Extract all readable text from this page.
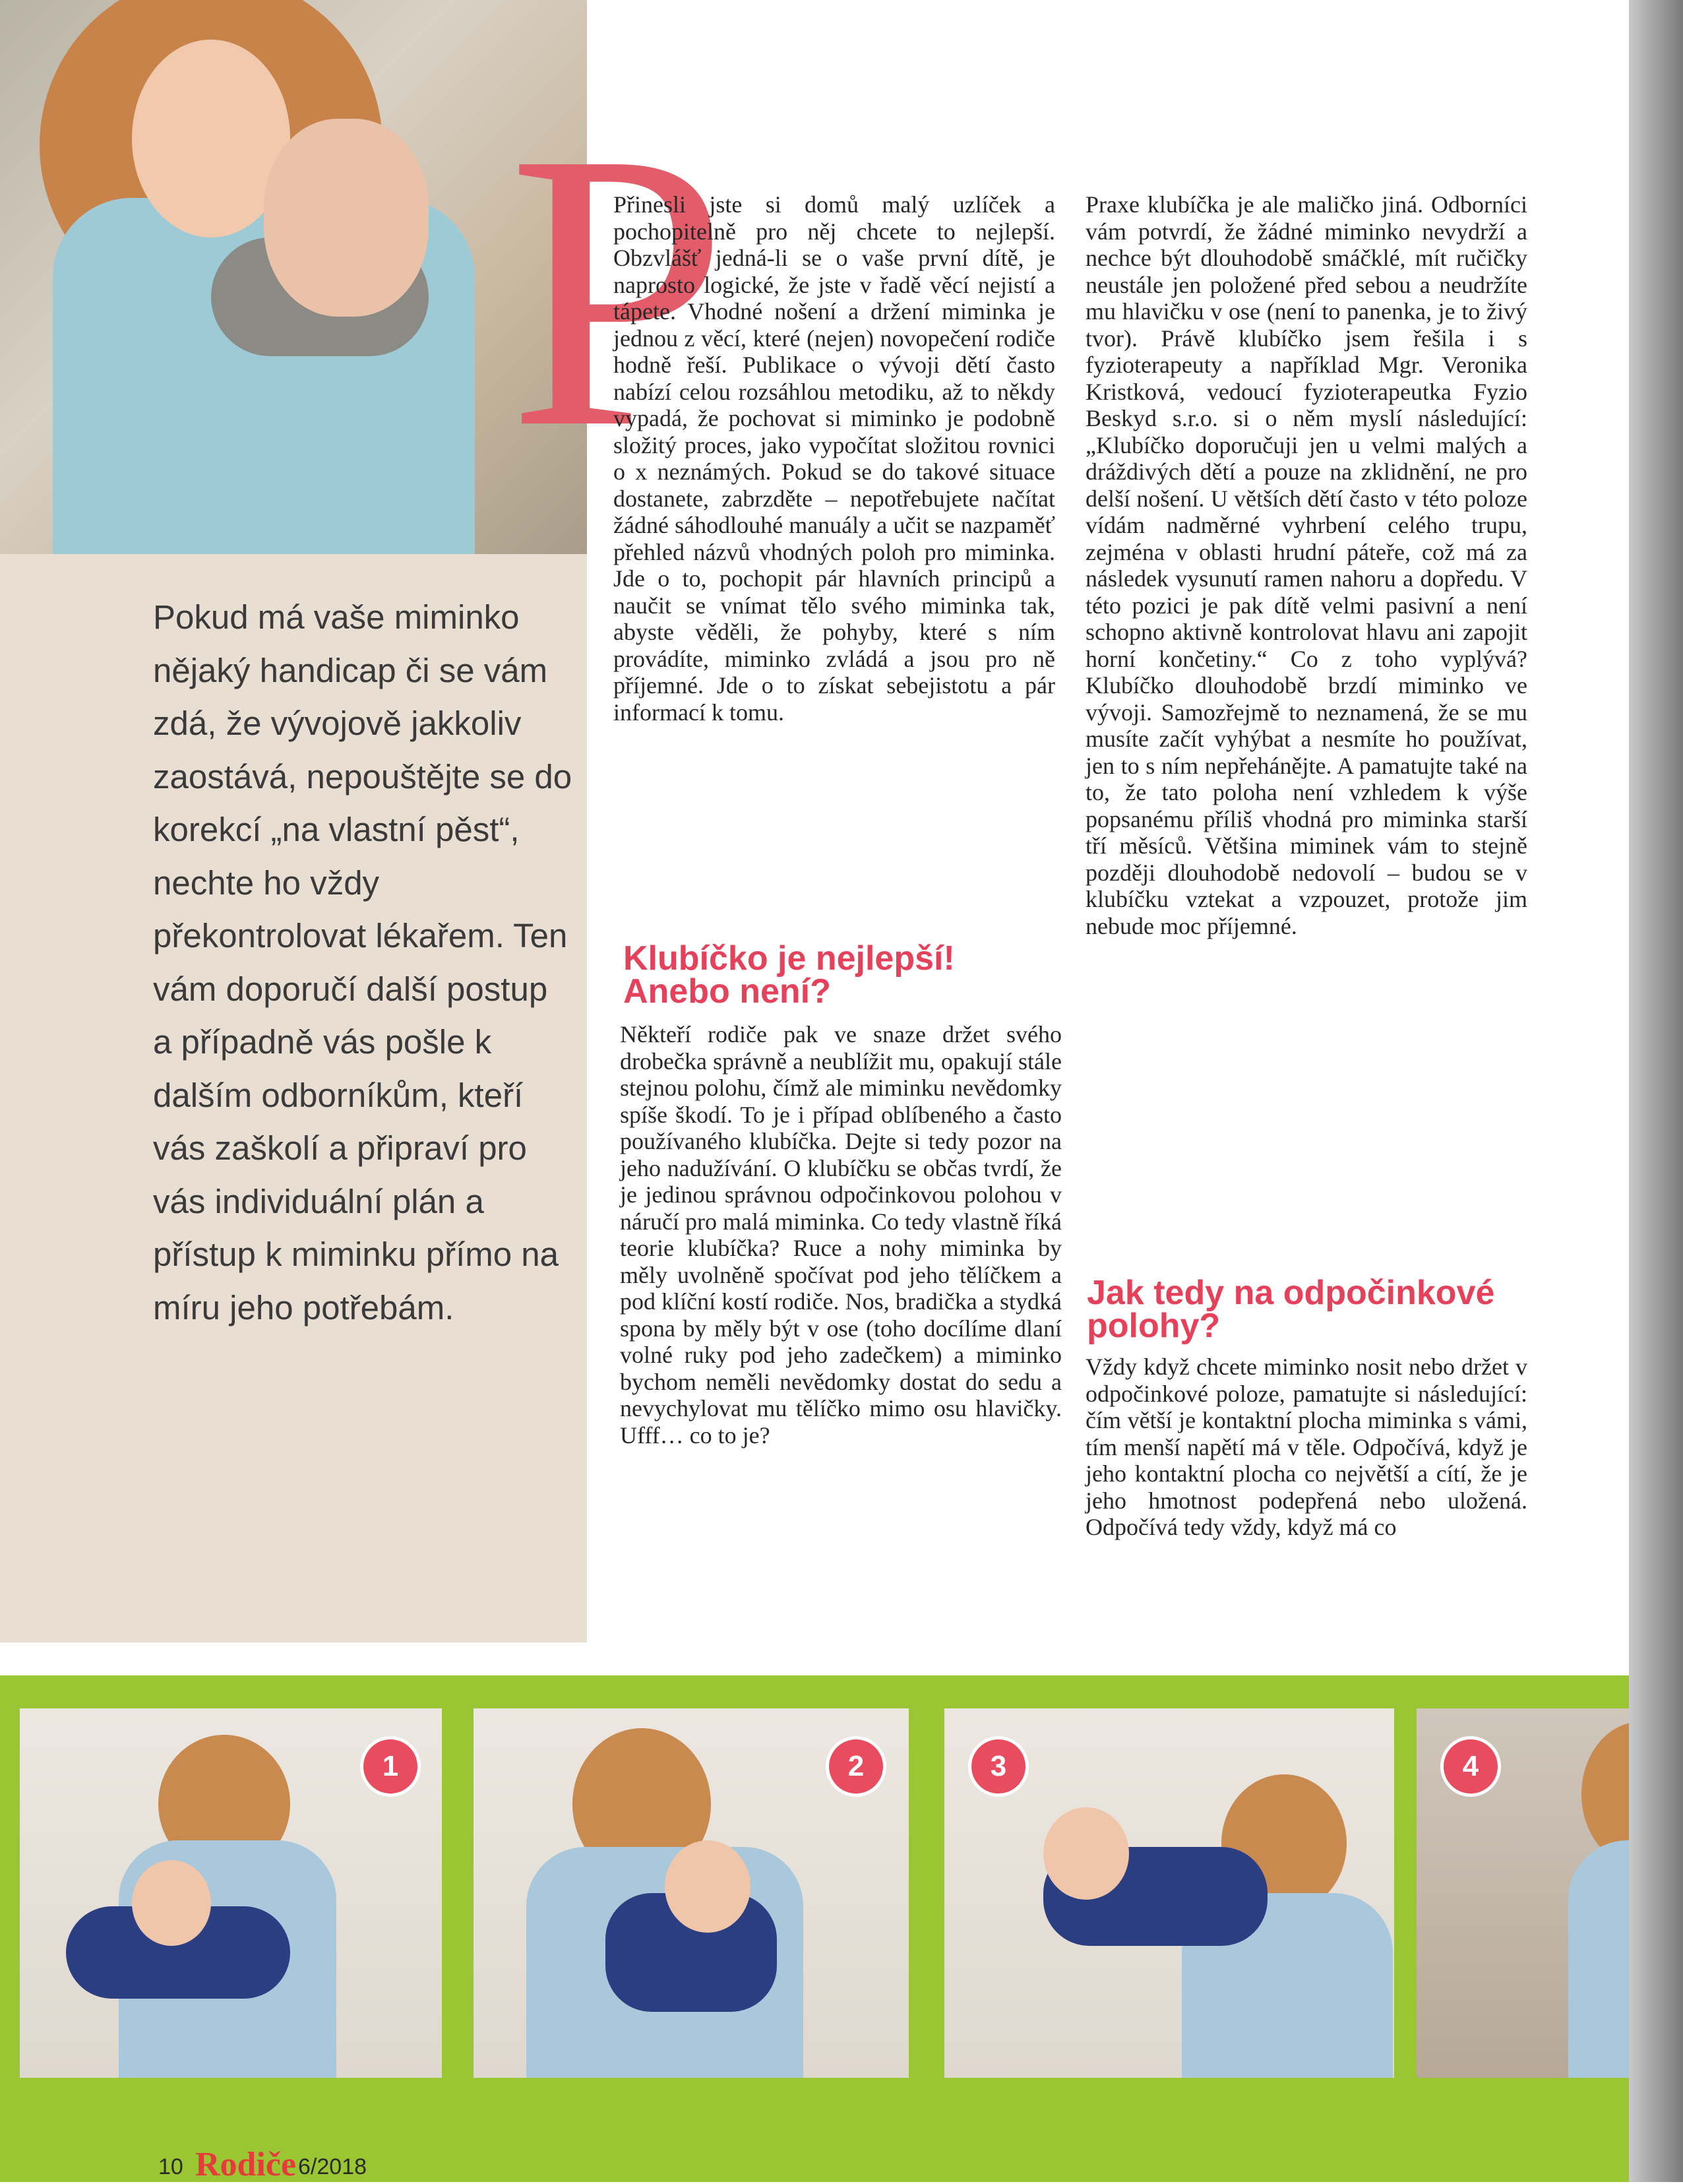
Pokud má vaše miminko nějaký handicap či se vám zdá, že vývojově jakkoliv zaostává, nepouštějte se do korekcí „na vlastní pěst“, nechte ho vždy překontrolovat lékařem. Ten vám doporučí další postup a případně vás pošle k dalším odborníkům, kteří vás zaškolí a připraví pro vás individuální plán a přístup k miminku přímo na míru jeho potřebám.

P

Přinesli jste si domů malý uzlíček a pochopitelně pro něj chcete to nejlepší. Obzvlášť jedná-li se o vaše první dítě, je naprosto logické, že jste v řadě věcí nejistí a tápete. Vhodné nošení a držení miminka je jednou z věcí, které (nejen) novopečení rodiče hodně řeší. Publikace o vývoji dětí často nabízí celou rozsáhlou metodiku, až to někdy vypadá, že pochovat si miminko je podobně složitý proces, jako vypočítat složitou rovnici o x neznámých. Pokud se do takové situace dostanete, zabrzděte – nepotřebujete načítat žádné sáhodlouhé manuály a učit se nazpaměť přehled názvů vhodných poloh pro miminka. Jde o to, pochopit pár hlavních principů a naučit se vnímat tělo svého miminka tak, abyste věděli, že pohyby, které s ním provádíte, miminko zvládá a jsou pro ně příjemné. Jde o to získat sebejistotu a pár informací k tomu.

Klubíčko je nejlepší! Anebo není?

Někteří rodiče pak ve snaze držet svého drobečka správně a neublížit mu, opakují stále stejnou polohu, čímž ale miminku nevědomky spíše škodí. To je i případ oblíbeného a často používaného klubíčka. Dejte si tedy pozor na jeho nadužívání. O klubíčku se občas tvrdí, že je jedinou správnou odpočinkovou polohou v náručí pro malá miminka. Co tedy vlastně říká teorie klubíčka? Ruce a nohy miminka by měly uvolněně spočívat pod jeho tělíčkem a pod klíční kostí rodiče. Nos, bradička a stydká spona by měly být v ose (toho docílíme dlaní volné ruky pod jeho zadečkem) a miminko bychom neměli nevědomky dostat do sedu a nevychylovat mu tělíčko mimo osu hlavičky. Ufff… co to je?

Praxe klubíčka je ale maličko jiná. Odborníci vám potvrdí, že žádné miminko nevydrží a nechce být dlouhodobě smáčklé, mít ručičky neustále jen položené před sebou a neudržíte mu hlavičku v ose (není to panenka, je to živý tvor). Právě klubíčko jsem řešila i s fyzioterapeuty a například Mgr. Veronika Kristková, vedoucí fyzioterapeutka Fyzio Beskyd s.r.o. si o něm myslí následující: „Klubíčko doporučuji jen u velmi malých a dráždivých dětí a pouze na zklidnění, ne pro delší nošení. U větších dětí často v této poloze vídám nadměrné vyhrbení celého trupu, zejména v oblasti hrudní páteře, což má za následek vysunutí ramen nahoru a dopředu. V této pozici je pak dítě velmi pasivní a není schopno aktivně kontrolovat hlavu ani zapojit horní končetiny.“ Co z toho vyplývá? Klubíčko dlouhodobě brzdí miminko ve vývoji. Samozřejmě to neznamená, že se mu musíte začít vyhýbat a nesmíte ho používat, jen to s ním nepřehánějte. A pamatujte také na to, že tato poloha není vzhledem k výše popsanému příliš vhodná pro miminka starší tří měsíců. Většina miminek vám to stejně později dlouhodobě nedovolí – budou se v klubíčku vztekat a vzpouzet, protože jim nebude moc příjemné.

Jak tedy na odpočinkové polohy?

Vždy když chcete miminko nosit nebo držet v odpočinkové poloze, pamatujte si následující: čím větší je kontaktní plocha miminka s vámi, tím menší napětí má v těle. Odpočívá, když je jeho kontaktní plocha co největší a cítí, že je jeho hmotnost podepřená nebo uložená. Odpočívá tedy vždy, když má co

1	2	3	4
10 Rodiče 6/2018
